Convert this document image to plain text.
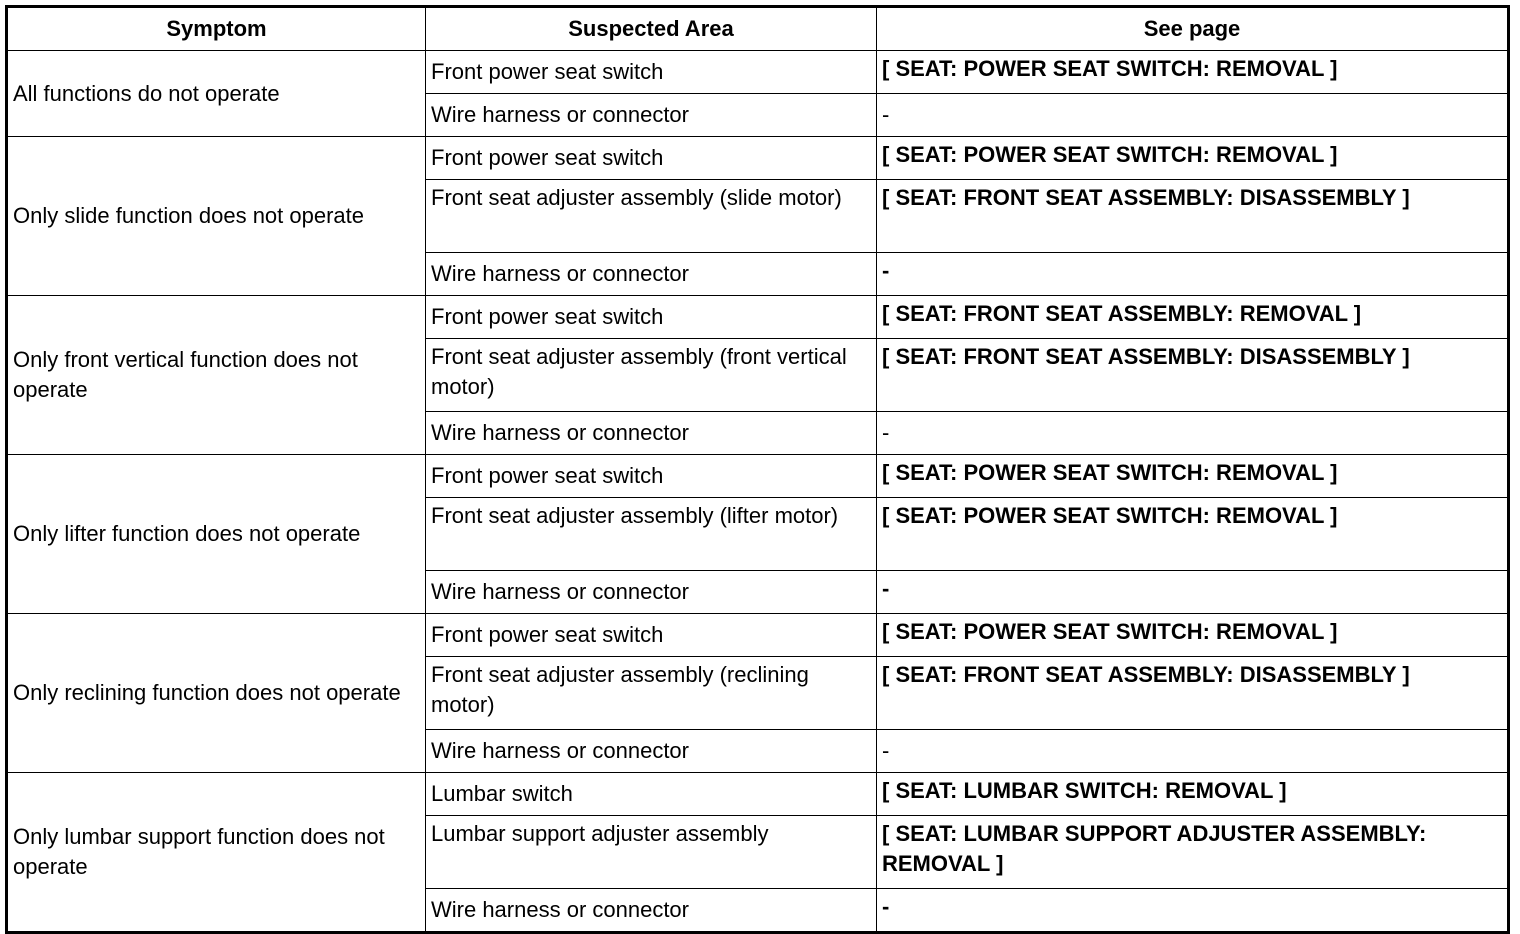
Symptom	Suspected Area	See page
All functions do not operate	Front power seat switch	[ SEAT: POWER SEAT SWITCH: REMOVAL ]
	Wire harness or connector	-
Only slide function does not operate	Front power seat switch	[ SEAT: POWER SEAT SWITCH: REMOVAL ]
	Front seat adjuster assembly (slide motor)	[ SEAT: FRONT SEAT ASSEMBLY: DISASSEMBLY ]
	Wire harness or connector	-
Only front vertical function does not operate	Front power seat switch	[ SEAT: FRONT SEAT ASSEMBLY: REMOVAL ]
	Front seat adjuster assembly (front vertical motor)	[ SEAT: FRONT SEAT ASSEMBLY: DISASSEMBLY ]
	Wire harness or connector	-
Only lifter function does not operate	Front power seat switch	[ SEAT: POWER SEAT SWITCH: REMOVAL ]
	Front seat adjuster assembly (lifter motor)	[ SEAT: POWER SEAT SWITCH: REMOVAL ]
	Wire harness or connector	-
Only reclining function does not operate	Front power seat switch	[ SEAT: POWER SEAT SWITCH: REMOVAL ]
	Front seat adjuster assembly (reclining motor)	[ SEAT: FRONT SEAT ASSEMBLY: DISASSEMBLY ]
	Wire harness or connector	-
Only lumbar support function does not operate	Lumbar switch	[ SEAT: LUMBAR SWITCH: REMOVAL ]
	Lumbar support adjuster assembly	[ SEAT: LUMBAR SUPPORT ADJUSTER ASSEMBLY: REMOVAL ]
	Wire harness or connector	-
